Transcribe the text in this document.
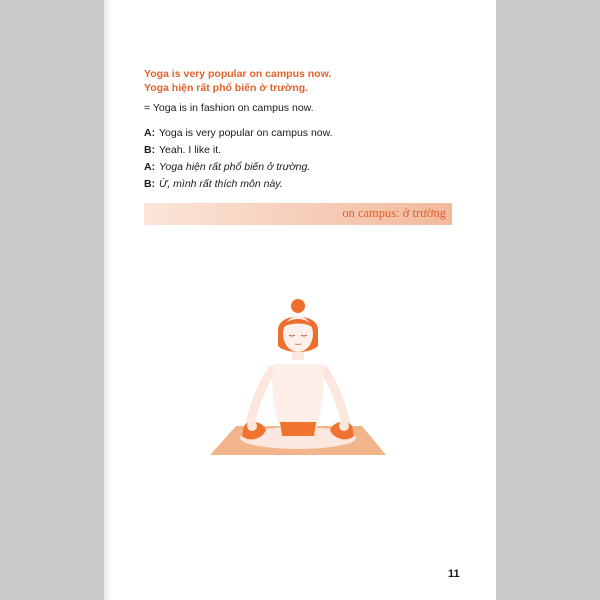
Yoga is very popular on campus now.
Yoga hiện rất phổ biến ở trường.
= Yoga is in fashion on campus now.
A: Yoga is very popular on campus now.
B: Yeah. I like it.
A: Yoga hiện rất phổ biến ở trường.
B: Ừ, mình rất thích môn này.
on campus: ở trường
11
